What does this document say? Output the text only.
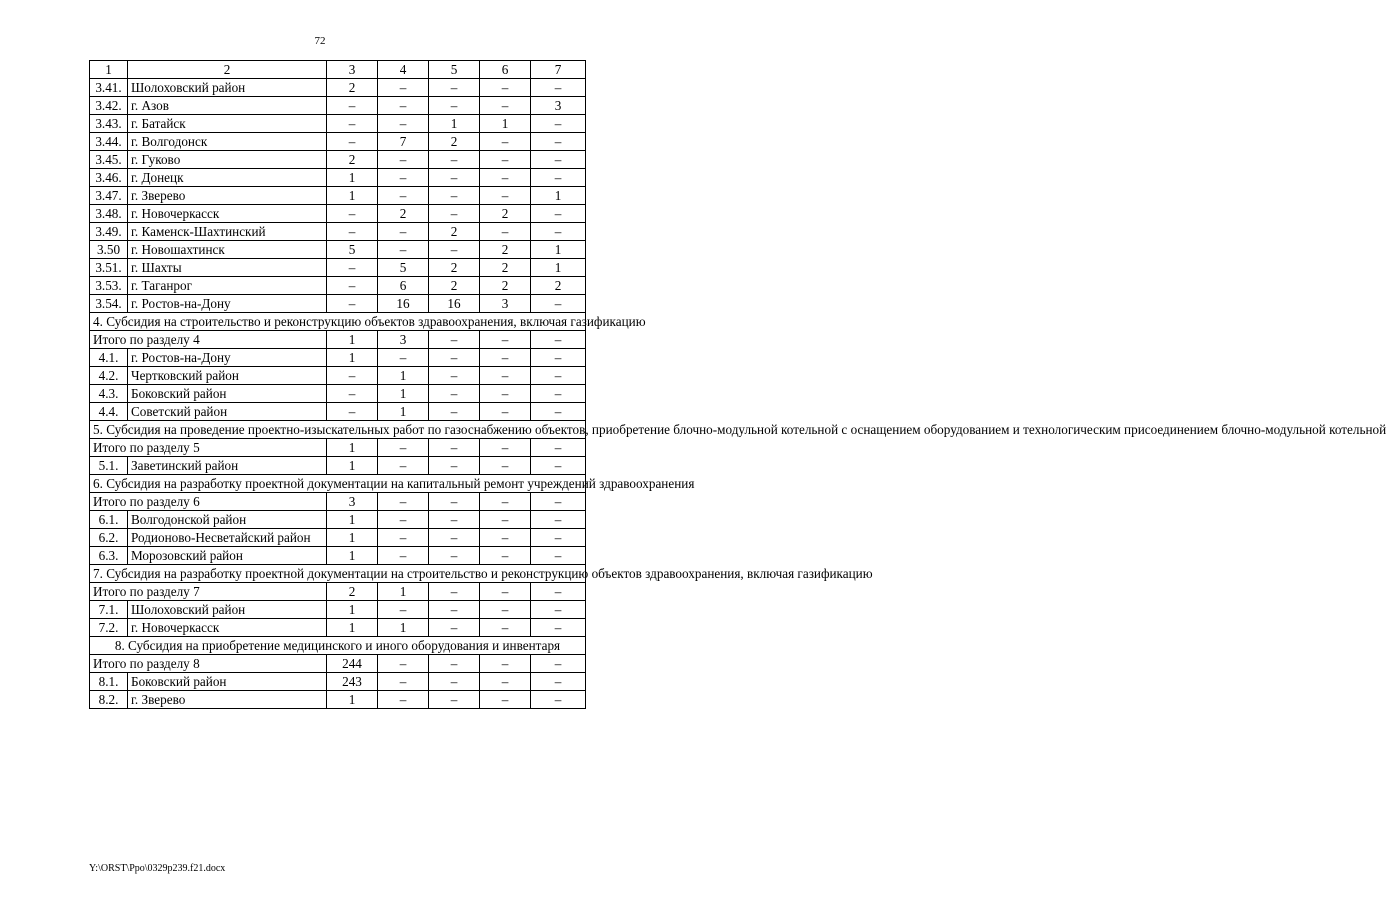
72
1	2	3	4	5	6	7
3.41.	Шолоховский район	2	–	–	–	–
3.42.	г. Азов	–	–	–	–	3
3.43.	г. Батайск	–	–	1	1	–
3.44.	г. Волгодонск	–	7	2	–	–
3.45.	г. Гуково	2	–	–	–	–
3.46.	г. Донецк	1	–	–	–	–
3.47.	г. Зверево	1	–	–	–	1
3.48.	г. Новочеркасск	–	2	–	2	–
3.49.	г. Каменск-Шахтинский	–	–	2	–	–
3.50	г. Новошахтинск	5	–	–	2	1
3.51.	г. Шахты	–	5	2	2	1
3.53.	г. Таганрог	–	6	2	2	2
3.54.	г. Ростов-на-Дону	–	16	16	3	–
4. Субсидия на строительство и реконструкцию объектов здравоохранения, включая газификацию						
Итого по разделу 4		1	3	–	–	–
4.1.	г. Ростов-на-Дону	1	–	–	–	–
4.2.	Чертковский район	–	1	–	–	–
4.3.	Боковский район	–	1	–	–	–
4.4.	Советский район	–	1	–	–	–
5. Субсидия на проведение проектно-изыскательных работ по газоснабжению объектов, приобретение блочно-модульной котельной с оснащением оборудованием и технологическим присоединением блочно-модульной котельной						
Итого по разделу 5		1	–	–	–	–
5.1.	Заветинский район	1	–	–	–	–
6. Субсидия на разработку проектной документации на капитальный ремонт учреждений здравоохранения						
Итого по разделу 6		3	–	–	–	–
6.1.	Волгодонской район	1	–	–	–	–
6.2.	Родионово-Несветайский район	1	–	–	–	–
6.3.	Морозовский район	1	–	–	–	–
7. Субсидия на разработку проектной документации на строительство и реконструкцию объектов здравоохранения, включая газификацию						
Итого по разделу 7		2	1	–	–	–
7.1.	Шолоховский район	1	–	–	–	–
7.2.	г. Новочеркасск	1	1	–	–	–
8. Субсидия на приобретение медицинского и иного оборудования и инвентаря						
Итого по разделу 8		244	–	–	–	–
8.1.	Боковский район	243	–	–	–	–
8.2.	г. Зверево	1	–	–	–	–
Y:\ORST\Ppo\0329p239.f21.docx
